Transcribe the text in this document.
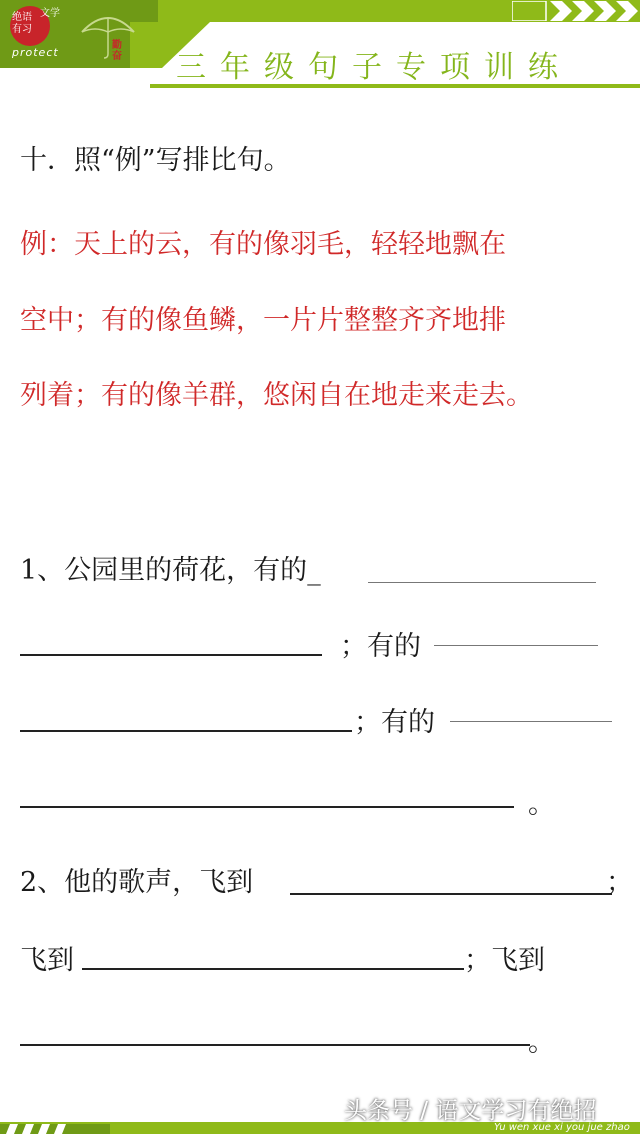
绝语
有习
文学
protect
勤奋 三年级句子专项训练
十．照“例”写排比句。
例：天上的云，有的像羽毛，轻轻地飘在
空中；有的像鱼鳞，一片片整整齐齐地排
列着；有的像羊群，悠闲自在地走来走去。
1、公园里的荷花，有的_
；有的
；有的
。
2、他的歌声，飞到	；
飞到	；飞到
。
头条号 / 语文学习有绝招
Yu wen xue xi you jue zhao
